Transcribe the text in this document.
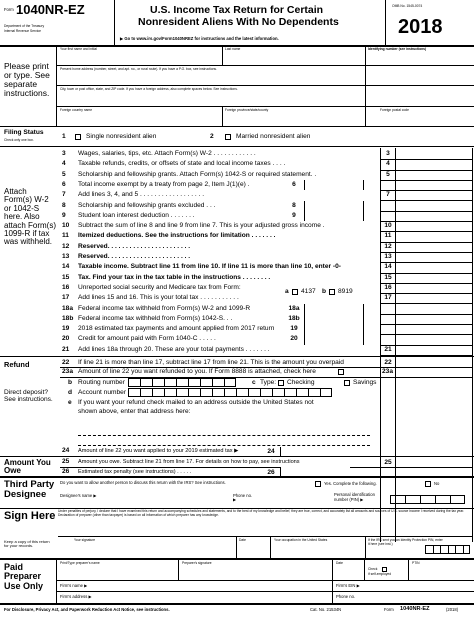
Form 1040NR-EZ
Department of the Treasury
Internal Revenue Service
U.S. Income Tax Return for Certain
Nonresident Aliens With No Dependents
▶ Go to www.irs.gov/Form1040NREZ for instructions and the latest information.
OMB No. 1545-0074
2018
Please print or type. See separate instructions.
Your first name and initial	Last name	Identifying number (see instructions)
Present home address (number, street, and apt. no., or rural route). If you have a P.O. box, see instructions.
City, town or post office, state, and ZIP code. If you have a foreign address, also complete spaces below. See instructions.
Foreign country name	Foreign province/state/county	Foreign postal code
Filing Status
Check only one box.	1	Single nonresident alien	2	Married nonresident alien
Attach Form(s) W-2 or 1042-S here. Also attach Form(s) 1099-R if tax was withheld.
3 Wages, salaries, tips, etc. Attach Form(s) W-2 . . . . . . . . . . . .	3
4 Taxable refunds, credits, or offsets of state and local income taxes . . . .	4
5 Scholarship and fellowship grants. Attach Form(s) 1042-S or required statement. .	5
6 Total income exempt by a treaty from page 2, Item J(1)(e) .	6
7 Add lines 3, 4, and 5 . . . . . . . . . . . . . . . . . .	7
8 Scholarship and fellowship grants excluded . . .	8
9 Student loan interest deduction . . . . . . .	9
10 Subtract the sum of line 8 and line 9 from line 7. This is your adjusted gross income .	10
11 Itemized deductions. See the instructions for limitation . . . . . . .	11
12 Reserved. . . . . . . . . . . . . . . . . . . . . . .	12
13 Reserved. . . . . . . . . . . . . . . . . . . . . . .	13
14 Taxable income. Subtract line 11 from line 10. If line 11 is more than line 10, enter -0-	14
15 Tax. Find your tax in the tax table in the instructions . . . . . . . .	15
16 Unreported social security and Medicare tax from Form:	16
17 Add lines 15 and 16. This is your total tax . . . . . . . . . . .	17
18a Federal income tax withheld from Form(s) W-2 and 1099-R	18a
18b Federal income tax withheld from Form(s) 1042-S. . .	18b
19 2018 estimated tax payments and amount applied from 2017 return	19
20 Credit for amount paid with Form 1040-C . . . . .	20
21 Add lines 18a through 20. These are your total payments . . . . . . .	21
a 4137 b 8919
Refund
Direct deposit? See instructions.
22 If line 21 is more than line 17, subtract line 17 from line 21. This is the amount you overpaid	22
23a Amount of line 22 you want refunded to you. If Form 8888 is attached, check here	23a
b Routing number	c Type: Checking	Savings
d Account number
e If you want your refund check mailed to an address outside the United States not
shown above, enter that address here:
24 Amount of line 22 you want applied to your 2019 estimated tax ▶	24
Amount You Owe
25 Amount you owe. Subtract line 21 from line 17. For details on how to pay, see instructions	25
26 Estimated tax penalty (see instructions) . . . . .	26
Third Party Designee
Do you want to allow another person to discuss this return with the IRS? See instructions.	Yes. Complete the following.	No
Designee's name ▶	Phone no. ▶
Personal identification number (PIN) ▶
Sign Here
Keep a copy of this return for your records.
Under penalties of perjury, I declare that I have examined this return and accompanying schedules and statements, and to the best of my knowledge and belief, they are true, correct, and accurately list all amounts and sources of U.S. source income I received during the tax year. Declaration of preparer (other than taxpayer) is based on all information of which preparer has any knowledge.
Your signature	Date	Your occupation in the United States	If the IRS sent you an Identity Protection PIN, enter it here (see inst.)
Paid Preparer Use Only
Print/Type preparer's name	Preparer's signature	Date
Check
if self-employed
PTIN
Firm's name ▶	Firm's EIN ▶
Firm's address ▶	Phone no.
For Disclosure, Privacy Act, and Paperwork Reduction Act Notice, see instructions.	Cat. No. 21534N	Form 1040NR-EZ	(2018)
